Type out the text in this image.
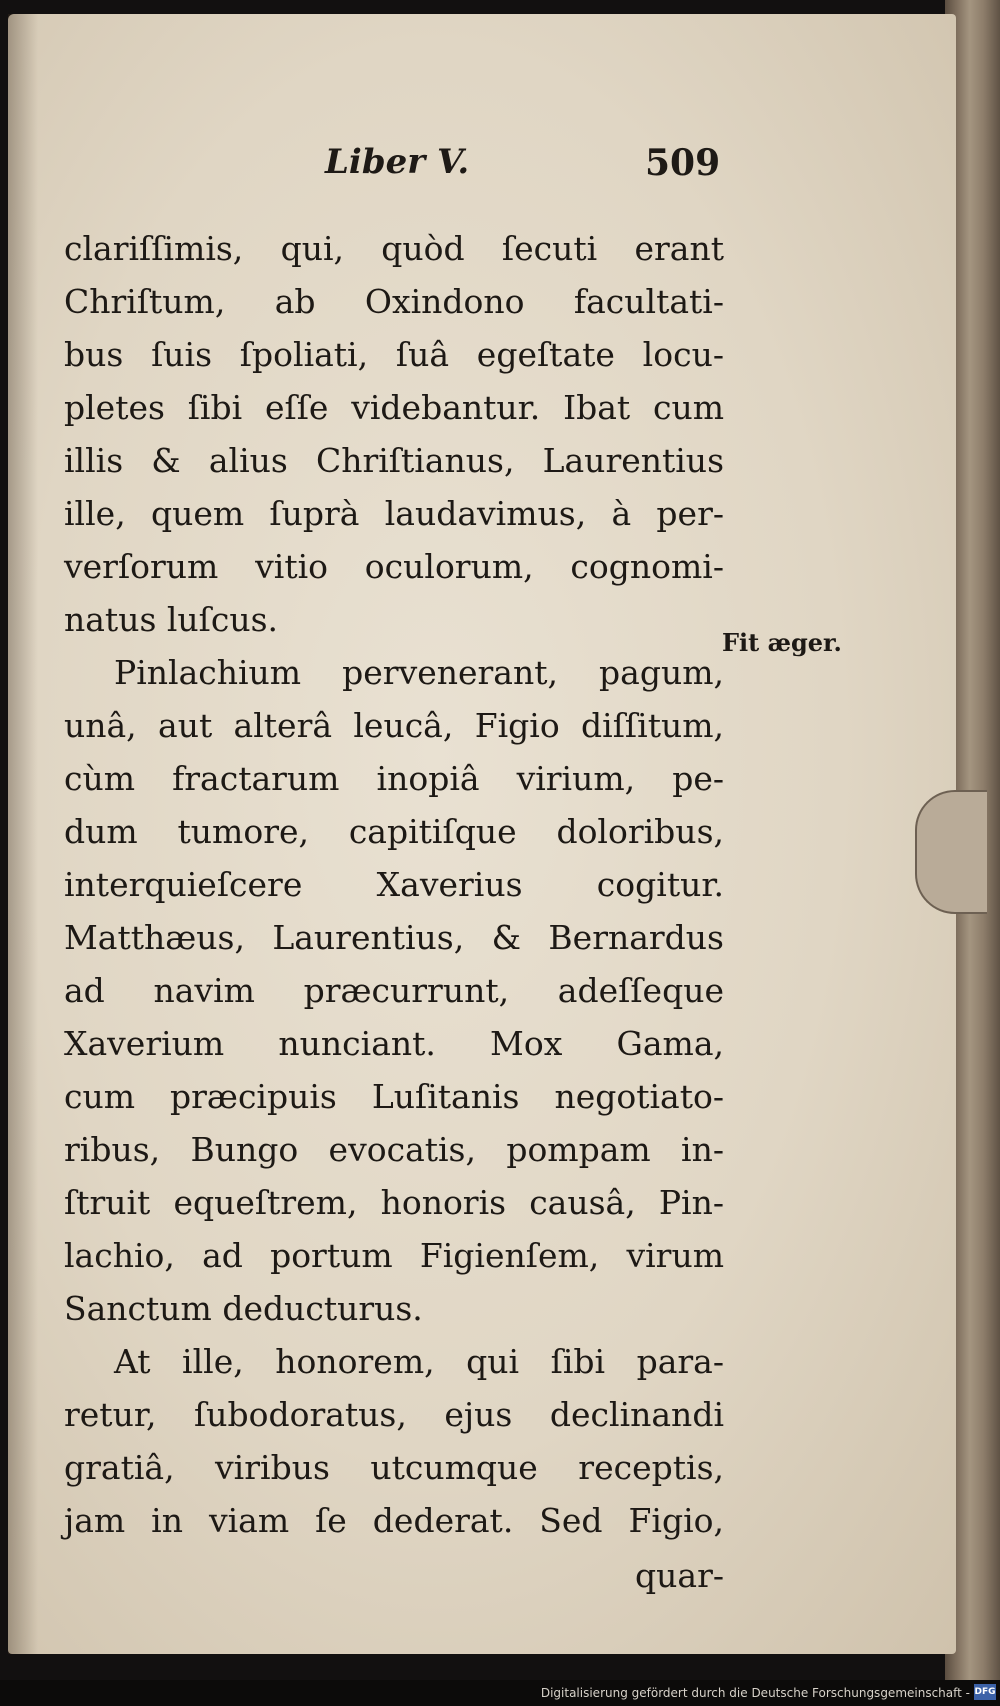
Liber V.	509
clariſſimis, qui, quòd ſecuti erant
Chriſtum, ab Oxindono facultati-
bus ſuis ſpoliati, ſuâ egeſtate locu-
pletes ſibi eſſe videbantur. Ibat cum
illis & alius Chriſtianus, Laurentius
ille, quem ſuprà laudavimus, à per-
verſorum vitio oculorum, cognomi-
natus luſcus.
Pinlachium pervenerant, pagum,
unâ, aut alterâ leucâ, Figio diſſitum,
cùm fractarum inopiâ virium, pe-
dum tumore, capitiſque doloribus,
interquieſcere Xaverius cogitur.
Matthæus, Laurentius, & Bernardus
ad navim præcurrunt, adeſſeque
Xaverium nunciant. Mox Gama,
cum præcipuis Luſitanis negotiato-
ribus, Bungo evocatis, pompam in-
ſtruit equeſtrem, honoris causâ, Pin-
lachio, ad portum Figienſem, virum
Sanctum deducturus.
At ille, honorem, qui ſibi para-
retur, ſubodoratus, ejus declinandi
gratiâ, viribus utcumque receptis,
jam in viam ſe dederat. Sed Figio,
quar-
Fit æger.
Digitalisierung gefördert durch die Deutsche Forschungsgemeinschaft - DFG
